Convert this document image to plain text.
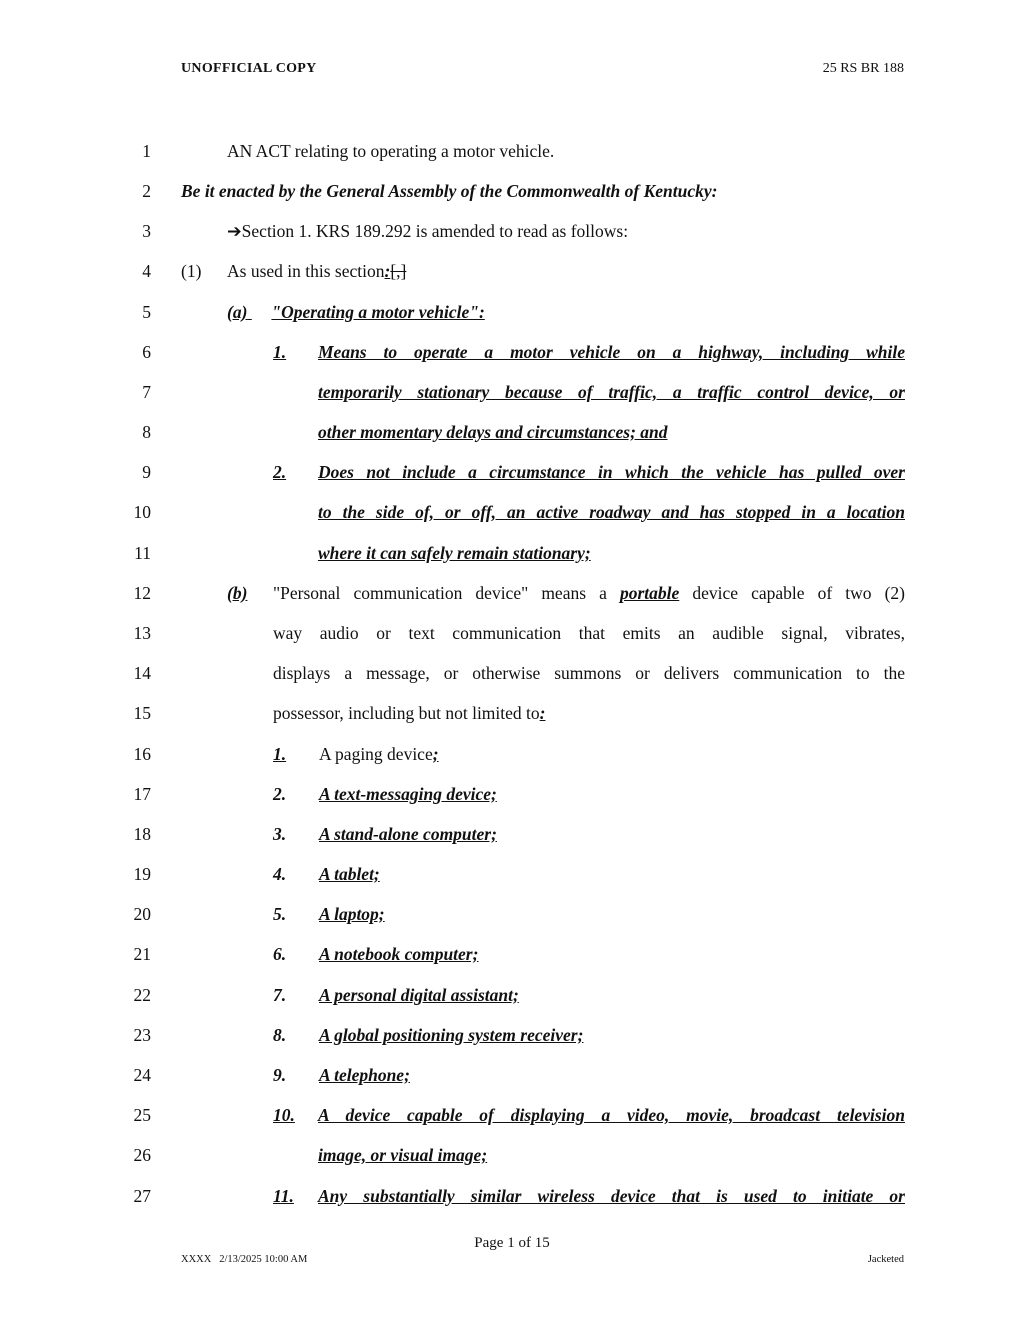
UNOFFICIAL COPY	25 RS BR 188
1
2
3
4
5
6
7
8
9
10
11
12
13
14
15
16
17
18
19
20
21
22
23
24
25
26
27
AN ACT relating to operating a motor vehicle.
Be it enacted by the General Assembly of the Commonwealth of Kentucky:
➔Section 1. KRS 189.292 is amended to read as follows:
(1) As used in this section:[,]
(a) "Operating a motor vehicle":
1. Means to operate a motor vehicle on a highway, including while
temporarily stationary because of traffic, a traffic control device, or
other momentary delays and circumstances; and
2. Does not include a circumstance in which the vehicle has pulled over
to the side of, or off, an active roadway and has stopped in a location
where it can safely remain stationary;
(b) "Personal communication device" means a portable device capable of two (2)
way audio or text communication that emits an audible signal, vibrates,
displays a message, or otherwise summons or delivers communication to the
possessor, including but not limited to:
1. A paging device;
2. A text-messaging device;
3. A stand-alone computer;
4. A tablet;
5. A laptop;
6. A notebook computer;
7. A personal digital assistant;
8. A global positioning system receiver;
9. A telephone;
10. A device capable of displaying a video, movie, broadcast television
image, or visual image;
11. Any substantially similar wireless device that is used to initiate or
Page 1 of 15
XXXX   2/13/2025 10:00 AM	Jacketed
